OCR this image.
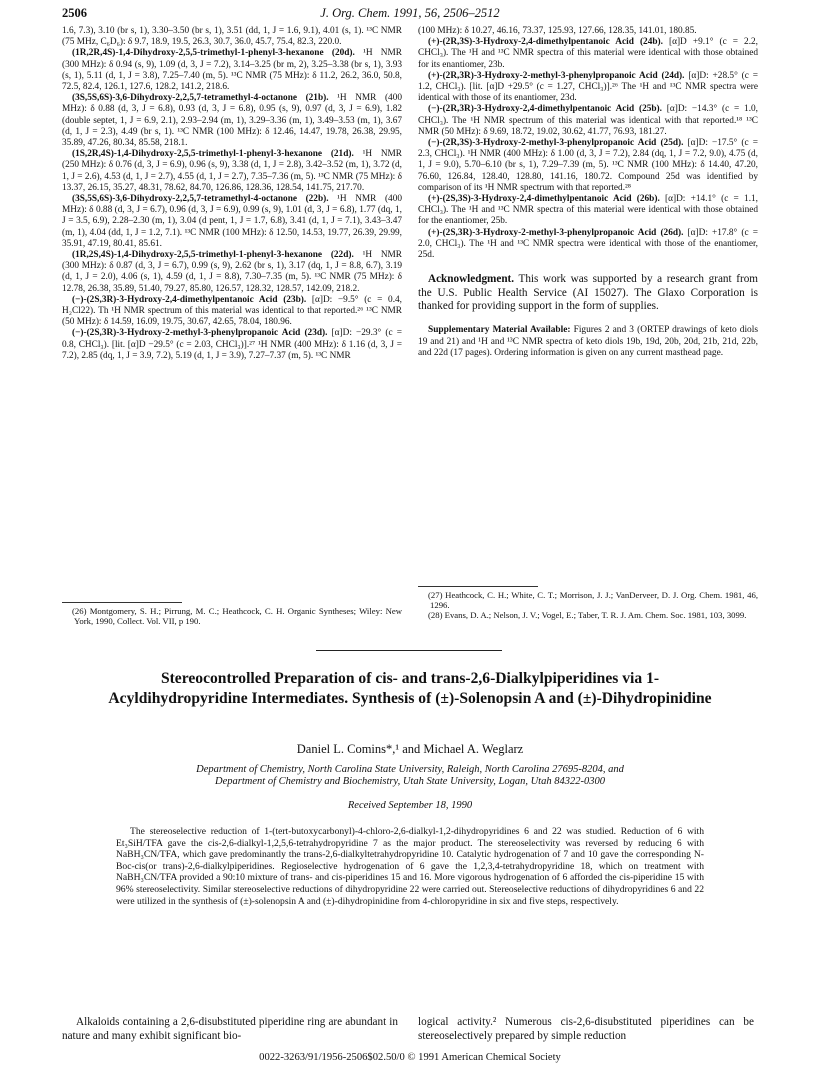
2506	J. Org. Chem. 1991, 56, 2506–2512

1.6, 7.3), 3.10 (br s, 1), 3.30–3.50 (br s, 1), 3.51 (dd, 1, J = 1.6, 9.1), 4.01 (s, 1). ¹³C NMR (75 MHz, C₆D₆): δ 9.7, 18.9, 19.5, 26.3, 30.7, 36.0, 45.7, 75.4, 82.3, 220.0.

(1R,2R,4S)-1,4-Dihydroxy-2,5,5-trimethyl-1-phenyl-3-hexanone (20d). ¹H NMR (300 MHz): δ 0.94 (s, 9), 1.09 (d, 3, J = 7.2), 3.14–3.25 (br m, 2), 3.25–3.38 (br s, 1), 3.93 (s, 1), 5.11 (d, 1, J = 3.8), 7.25–7.40 (m, 5). ¹³C NMR (75 MHz): δ 11.2, 26.2, 36.0, 50.8, 72.5, 82.4, 126.1, 127.6, 128.2, 141.2, 218.6.

(3S,5S,6S)-3,6-Dihydroxy-2,2,5,7-tetramethyl-4-octanone (21b). ¹H NMR (400 MHz): δ 0.88 (d, 3, J = 6.8), 0.93 (d, 3, J = 6.8), 0.95 (s, 9), 0.97 (d, 3, J = 6.9), 1.82 (double septet, 1, J = 6.9, 2.1), 2.93–2.94 (m, 1), 3.29–3.36 (m, 1), 3.49–3.53 (m, 1), 3.67 (d, 1, J = 2.3), 4.49 (br s, 1). ¹³C NMR (100 MHz): δ 12.46, 14.47, 19.78, 26.38, 29.95, 35.89, 47.26, 80.34, 85.58, 218.1.

(1S,2R,4S)-1,4-Dihydroxy-2,5,5-trimethyl-1-phenyl-3-hexanone (21d). ¹H NMR (250 MHz): δ 0.76 (d, 3, J = 6.9), 0.96 (s, 9), 3.38 (d, 1, J = 2.8), 3.42–3.52 (m, 1), 3.72 (d, 1, J = 2.6), 4.53 (d, 1, J = 2.7), 4.55 (d, 1, J = 2.7), 7.35–7.36 (m, 5). ¹³C NMR (75 MHz): δ 13.37, 26.15, 35.27, 48.31, 78.62, 84.70, 126.86, 128.36, 128.54, 141.75, 217.70.

(3S,5S,6S)-3,6-Dihydroxy-2,2,5,7-tetramethyl-4-octanone (22b). ¹H NMR (400 MHz): δ 0.88 (d, 3, J = 6.7), 0.96 (d, 3, J = 6.9), 0.99 (s, 9), 1.01 (d, 3, J = 6.8), 1.77 (dq, 1, J = 3.5, 6.9), 2.28–2.30 (m, 1), 3.04 (d pent, 1, J = 1.7, 6.8), 3.41 (d, 1, J = 7.1), 3.43–3.47 (m, 1), 4.04 (dd, 1, J = 1.2, 7.1). ¹³C NMR (100 MHz): δ 12.50, 14.53, 19.77, 26.39, 29.99, 35.91, 47.19, 80.41, 85.61.

(1R,2S,4S)-1,4-Dihydroxy-2,5,5-trimethyl-1-phenyl-3-hexanone (22d). ¹H NMR (300 MHz): δ 0.87 (d, 3, J = 6.7), 0.99 (s, 9), 2.62 (br s, 1), 3.17 (dq, 1, J = 8.8, 6.7), 3.19 (d, 1, J = 2.0), 4.06 (s, 1), 4.59 (d, 1, J = 8.8), 7.30–7.35 (m, 5). ¹³C NMR (75 MHz): δ 12.78, 26.38, 35.89, 51.40, 79.27, 85.80, 126.57, 128.32, 128.57, 142.09, 218.2.

(−)-(2S,3R)-3-Hydroxy-2,4-dimethylpentanoic Acid (23b). [α]D: −9.5° (c = 0.4, H₂Cl22). Th ¹H NMR spectrum of this material was identical to that reported.²⁶ ¹³C NMR (50 MHz): δ 14.59, 16.09, 19.75, 30.67, 42.65, 78.04, 180.96.

(−)-(2S,3R)-3-Hydroxy-2-methyl-3-phenylpropanoic Acid (23d). [α]D: −29.3° (c = 0.8, CHCl₃). [lit. [α]D −29.5° (c = 2.03, CHCl₃)].²⁷ ¹H NMR (400 MHz): δ 1.16 (d, 3, J = 7.2), 2.85 (dq, 1, J = 3.9, 7.2), 5.19 (d, 1, J = 3.9), 7.27–7.37 (m, 5). ¹³C NMR

(26) Montgomery, S. H.; Pirrung, M. C.; Heathcock, C. H. Organic Syntheses; Wiley: New York, 1990, Collect. Vol. VII, p 190.

(100 MHz): δ 10.27, 46.16, 73.37, 125.93, 127.66, 128.35, 141.01, 180.85.

(+)-(2R,3S)-3-Hydroxy-2,4-dimethylpentanoic Acid (24b). [α]D +9.1° (c = 2.2, CHCl₃). The ¹H and ¹³C NMR spectra of this material were identical with those obtained for its enantiomer, 23b.

(+)-(2R,3R)-3-Hydroxy-2-methyl-3-phenylpropanoic Acid (24d). [α]D: +28.5° (c = 1.2, CHCl₃). [lit. [α]D +29.5° (c = 1.27, CHCl₃)].²⁶ The ¹H and ¹³C NMR spectra were identical with those of its enantiomer, 23d.

(−)-(2R,3R)-3-Hydroxy-2,4-dimethylpentanoic Acid (25b). [α]D: −14.3° (c = 1.0, CHCl₃). The ¹H NMR spectrum of this material was identical with that reported.¹⁸ ¹³C NMR (50 MHz): δ 9.69, 18.72, 19.02, 30.62, 41.77, 76.93, 181.27.

(−)-(2R,3S)-3-Hydroxy-2-methyl-3-phenylpropanoic Acid (25d). [α]D: −17.5° (c = 2.3, CHCl₃). ¹H NMR (400 MHz): δ 1.00 (d, 3, J = 7.2), 2.84 (dq, 1, J = 7.2, 9.0), 4.75 (d, 1, J = 9.0), 5.70–6.10 (br s, 1), 7.29–7.39 (m, 5). ¹³C NMR (100 MHz): δ 14.40, 47.20, 76.60, 126.84, 128.40, 128.80, 141.16, 180.72. Compound 25d was identified by comparison of its ¹H NMR spectrum with that reported.²⁸

(+)-(2S,3S)-3-Hydroxy-2,4-dimethylpentanoic Acid (26b). [α]D: +14.1° (c = 1.1, CHCl₃). The ¹H and ¹³C NMR spectra of this material were identical with those obtained for the enantiomer, 25b.

(+)-(2S,3R)-3-Hydroxy-2-methyl-3-phenylpropanoic Acid (26d). [α]D: +17.8° (c = 2.0, CHCl₃). The ¹H and ¹³C NMR spectra were identical with those of the enantiomer, 25d.

Acknowledgment. This work was supported by a research grant from the U.S. Public Health Service (AI 15027). The Glaxo Corporation is thanked for providing support in the form of supplies.

Supplementary Material Available: Figures 2 and 3 (ORTEP drawings of keto diols 19 and 21) and ¹H and ¹³C NMR spectra of keto diols 19b, 19d, 20b, 20d, 21b, 21d, 22b, and 22d (17 pages). Ordering information is given on any current masthead page.

(27) Heathcock, C. H.; White, C. T.; Morrison, J. J.; VanDerveer, D. J. Org. Chem. 1981, 46, 1296.

(28) Evans, D. A.; Nelson, J. V.; Vogel, E.; Taber, T. R. J. Am. Chem. Soc. 1981, 103, 3099.

Stereocontrolled Preparation of cis- and trans-2,6-Dialkylpiperidines via 1-Acyldihydropyridine Intermediates. Synthesis of (±)-Solenopsin A and (±)-Dihydropinidine
Daniel L. Comins*,¹ and Michael A. Weglarz
Department of Chemistry, North Carolina State University, Raleigh, North Carolina 27695-8204, and
Department of Chemistry and Biochemistry, Utah State University, Logan, Utah 84322-0300
Received September 18, 1990

The stereoselective reduction of 1-(tert-butoxycarbonyl)-4-chloro-2,6-dialkyl-1,2-dihydropyridines 6 and 22 was studied. Reduction of 6 with Et₃SiH/TFA gave the cis-2,6-dialkyl-1,2,5,6-tetrahydropyridine 7 as the major product. The stereoselectivity was reversed by reducing 6 with NaBH₃CN/TFA, which gave predominantly the trans-2,6-dialkyltetrahydropyridine 10. Catalytic hydrogenation of 7 and 10 gave the corresponding N-Boc-cis(or trans)-2,6-dialkylpiperidines. Regioselective hydrogenation of 6 gave the 1,2,3,4-tetrahydropyridine 18, which on treatment with NaBH₃CN/TFA provided a 90:10 mixture of trans- and cis-piperidines 15 and 16. More vigorous hydrogenation of 6 afforded the cis-piperidine 15 with 96% stereoselectivity. Similar stereoselective reductions of dihydropyridine 22 were carried out. Stereoselective reductions of dihydropyridines 6 and 22 were utilized in the synthesis of (±)-solenopsin A and (±)-dihydropinidine from 4-chloropyridine in six and five steps, respectively.

Alkaloids containing a 2,6-disubstituted piperidine ring are abundant in nature and many exhibit significant bio-

logical activity.² Numerous cis-2,6-disubstituted piperidines can be stereoselectively prepared by simple reduction

0022-3263/91/1956-2506$02.50/0 © 1991 American Chemical Society
